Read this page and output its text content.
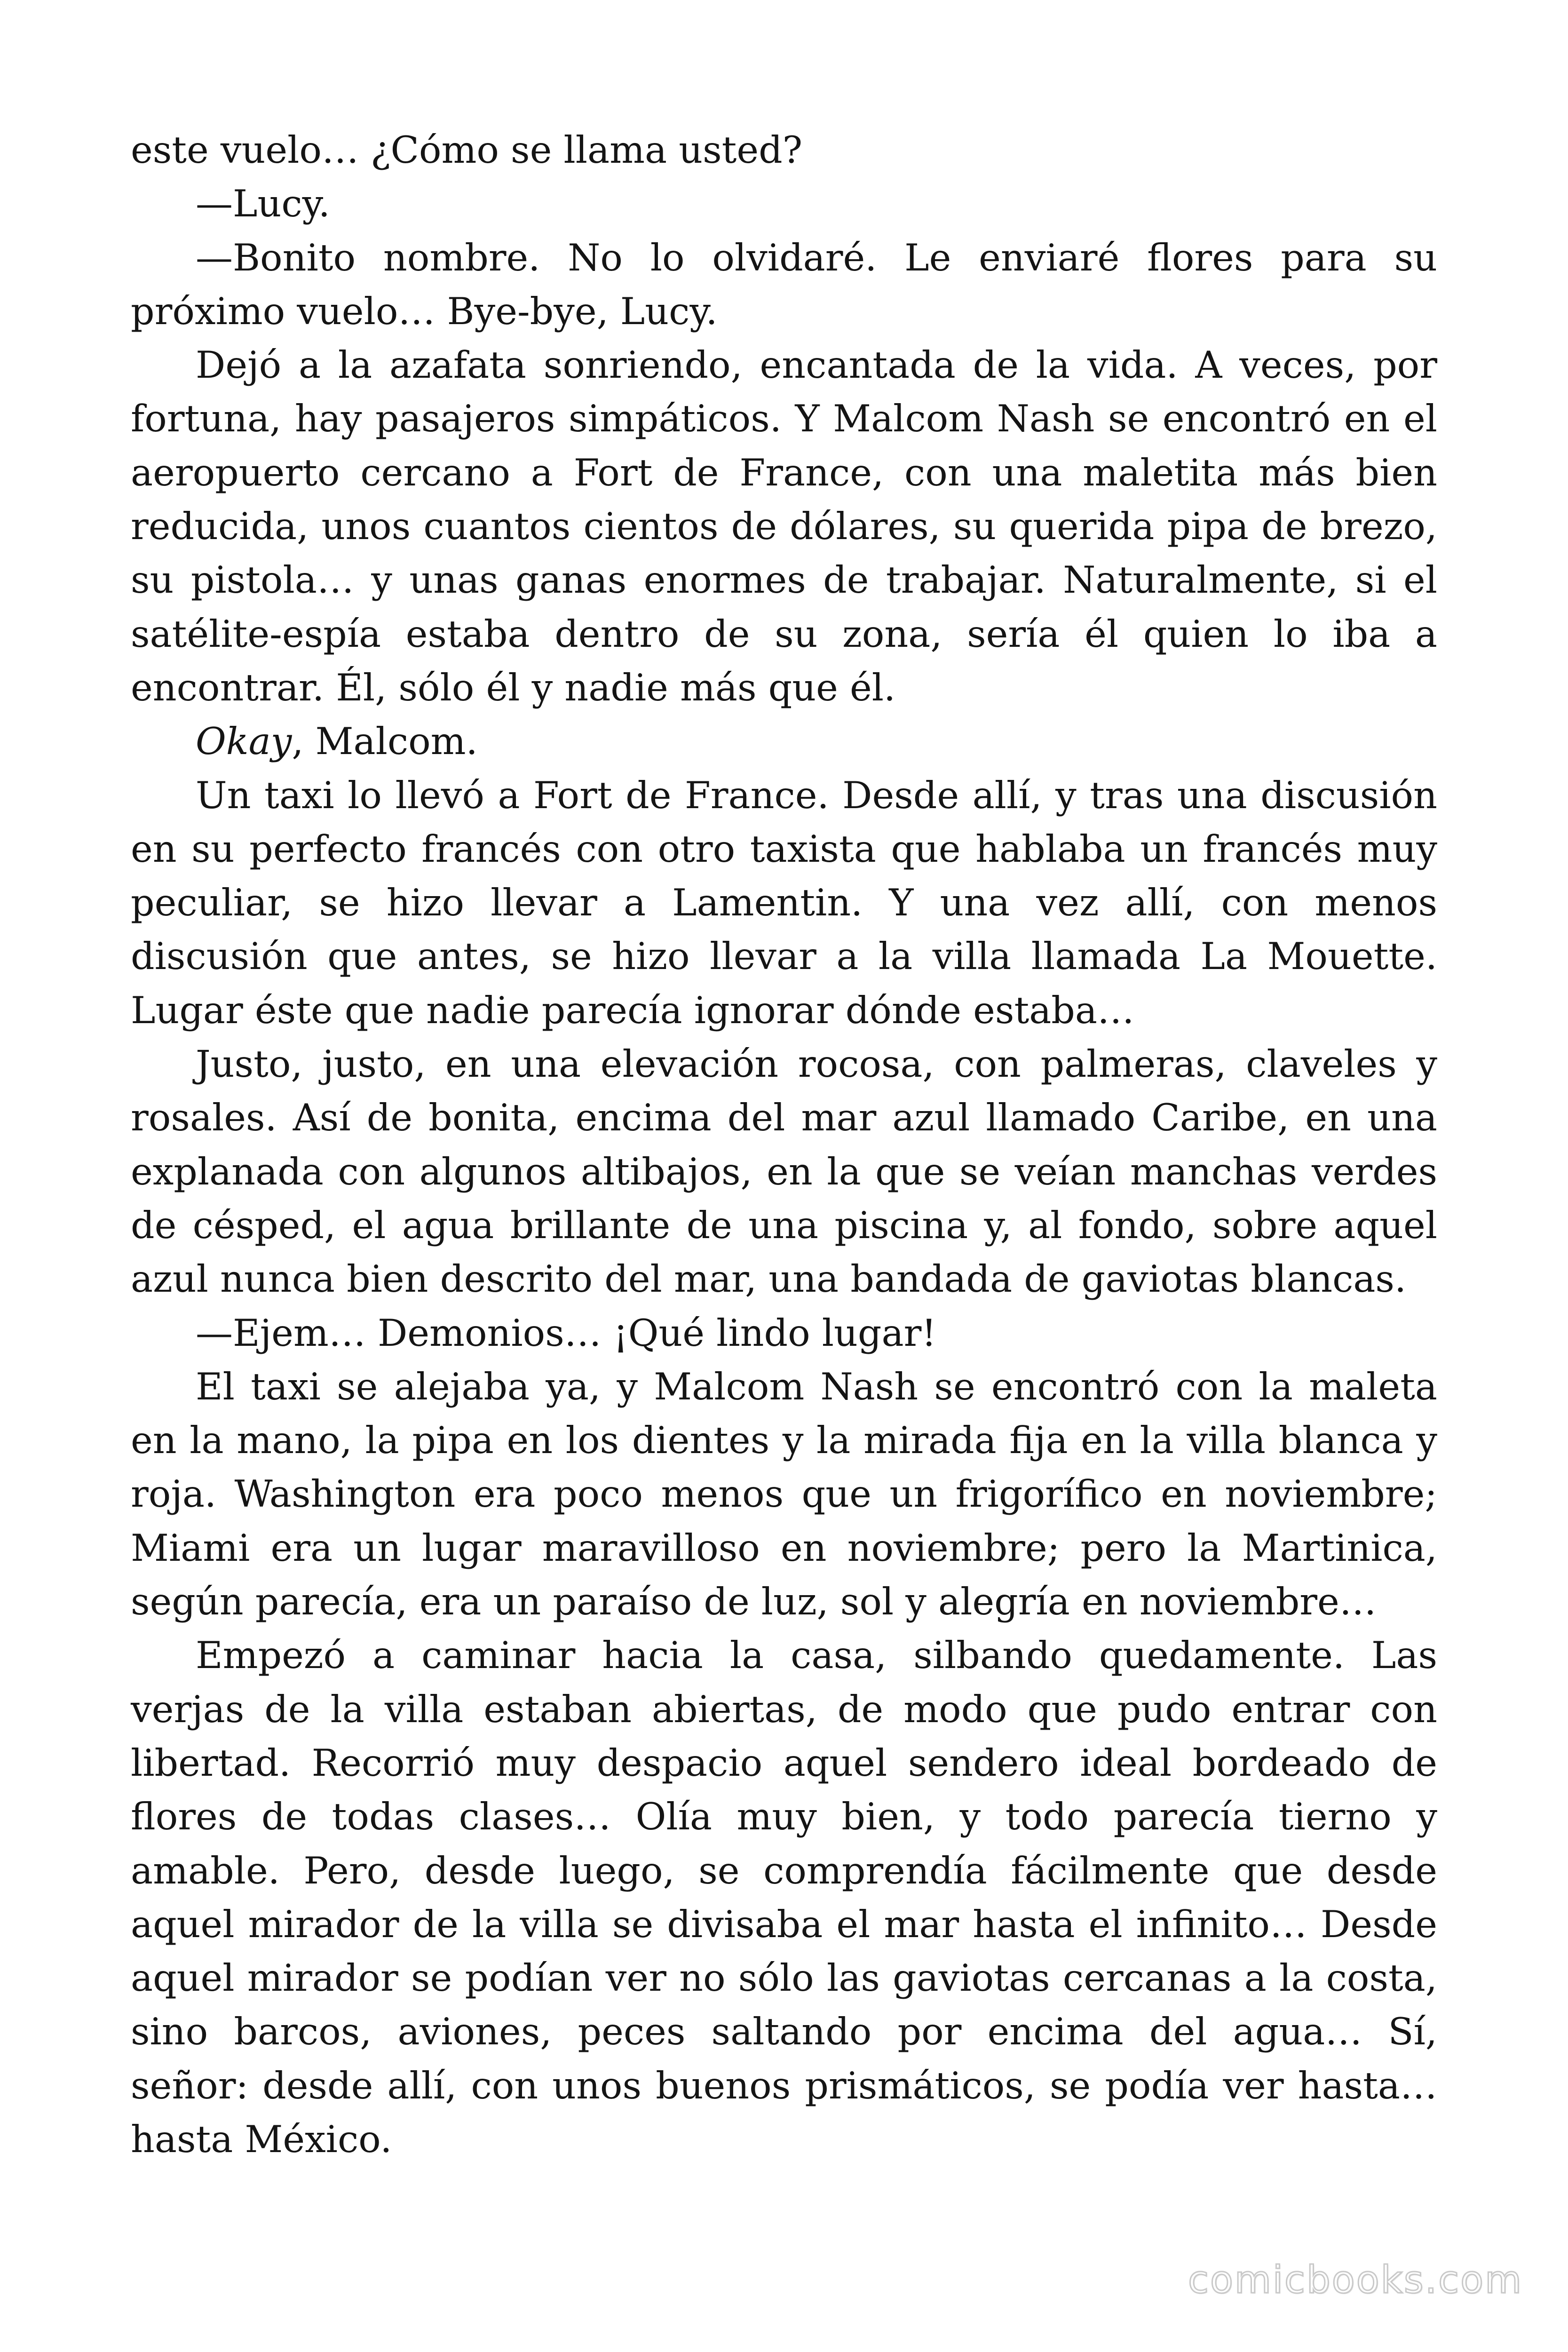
este vuelo… ¿Cómo se llama usted?

—Lucy.

—Bonito nombre. No lo olvidaré. Le enviaré flores para su próximo vuelo… Bye-bye, Lucy.

Dejó a la azafata sonriendo, encantada de la vida. A veces, por fortuna, hay pasajeros simpáticos. Y Malcom Nash se encontró en el aeropuerto cercano a Fort de France, con una maletita más bien reducida, unos cuantos cientos de dólares, su querida pipa de brezo, su pistola… y unas ganas enormes de trabajar. Naturalmente, si el satélite-espía estaba dentro de su zona, sería él quien lo iba a encontrar. Él, sólo él y nadie más que él.

Okay, Malcom.

Un taxi lo llevó a Fort de France. Desde allí, y tras una discusión en su perfecto francés con otro taxista que hablaba un francés muy peculiar, se hizo llevar a Lamentin. Y una vez allí, con menos discusión que antes, se hizo llevar a la villa llamada La Mouette. Lugar éste que nadie parecía ignorar dónde estaba…

Justo, justo, en una elevación rocosa, con palmeras, claveles y rosales. Así de bonita, encima del mar azul llamado Caribe, en una explanada con algunos altibajos, en la que se veían manchas verdes de césped, el agua brillante de una piscina y, al fondo, sobre aquel azul nunca bien descrito del mar, una bandada de gaviotas blancas.

—Ejem… Demonios… ¡Qué lindo lugar!

El taxi se alejaba ya, y Malcom Nash se encontró con la maleta en la mano, la pipa en los dientes y la mirada fija en la villa blanca y roja. Washington era poco menos que un frigorífico en noviembre; Miami era un lugar maravilloso en noviembre; pero la Martinica, según parecía, era un paraíso de luz, sol y alegría en noviembre…

Empezó a caminar hacia la casa, silbando quedamente. Las verjas de la villa estaban abiertas, de modo que pudo entrar con libertad. Recorrió muy despacio aquel sendero ideal bordeado de flores de todas clases… Olía muy bien, y todo parecía tierno y amable. Pero, desde luego, se comprendía fácilmente que desde aquel mirador de la villa se divisaba el mar hasta el infinito… Desde aquel mirador se podían ver no sólo las gaviotas cercanas a la costa, sino barcos, aviones, peces saltando por encima del agua… Sí, señor: desde allí, con unos buenos prismáticos, se podía ver hasta… hasta México.

comicbooks.com
